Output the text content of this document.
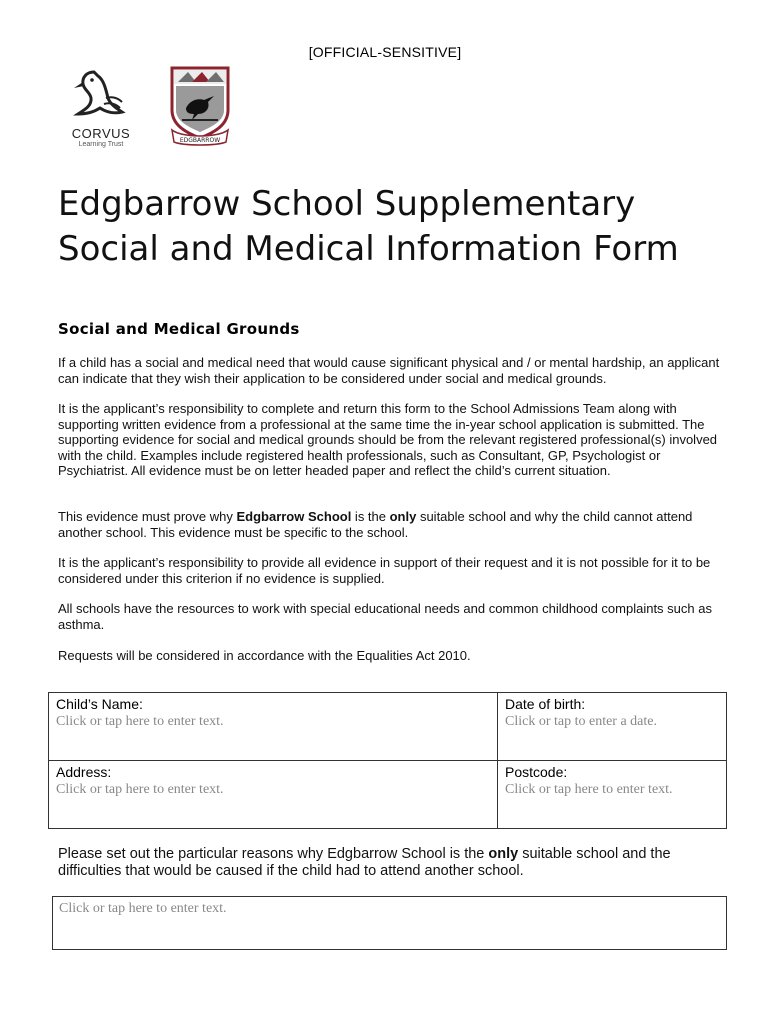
[OFFICIAL-SENSITIVE]
CORVUS
Learning Trust
EDGBARROW
Edgbarrow School Supplementary Social and Medical Information Form
Social and Medical Grounds

If a child has a social and medical need that would cause significant physical and / or mental hardship, an applicant can indicate that they wish their application to be considered under social and medical grounds.

It is the applicant’s responsibility to complete and return this form to the School Admissions Team along with supporting written evidence from a professional at the same time the in-year school application is submitted. The supporting evidence for social and medical grounds should be from the relevant registered professional(s) involved with the child. Examples include registered health professionals, such as Consultant, GP, Psychologist or Psychiatrist. All evidence must be on letter headed paper and reflect the child’s current situation.

This evidence must prove why Edgbarrow School is the only suitable school and why the child cannot attend another school. This evidence must be specific to the school.

It is the applicant’s responsibility to provide all evidence in support of their request and it is not possible for it to be considered under this criterion if no evidence is supplied.

All schools have the resources to work with special educational needs and common childhood complaints such as asthma.

Requests will be considered in accordance with the Equalities Act 2010.

Child’s Name:
Click or tap here to enter text.
Date of birth:
Click or tap to enter a date.
Address:
Click or tap here to enter text.
Postcode:
Click or tap here to enter text.

Please set out the particular reasons why Edgbarrow School is the only suitable school and the difficulties that would be caused if the child had to attend another school.

Click or tap here to enter text.
